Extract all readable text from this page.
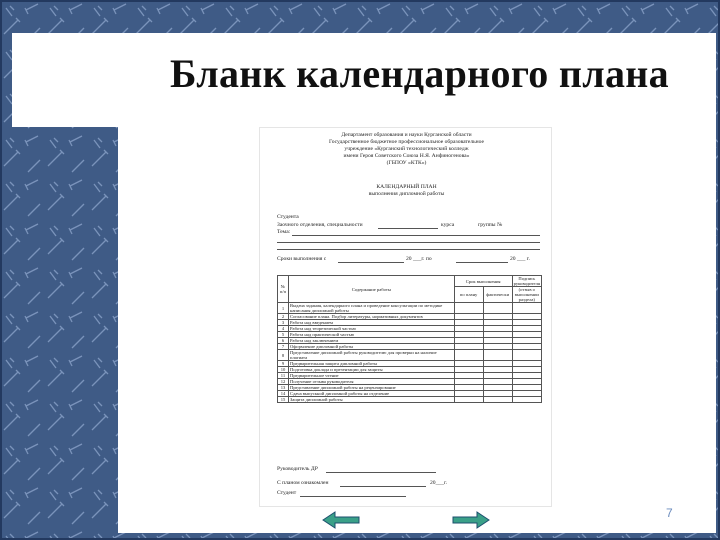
Бланк календарного плана
Департамент образования и науки Курганской области
Государственное бюджетное профессиональное образовательное
учреждение «Курганский технологический колледж
имени Героя Советского Союза Н.Я. Анфиногенова»
(ГБПОУ «КТК»)
КАЛЕНДАРНЫЙ ПЛАН
выполнения дипломной работы
Студента
Заочного отделения, специальности	курса	группы №
Тема:
Сроки выполнения с	20 ___г. по	20 ___ г.
№ п/п	Содержание работы	Срок выполнения		Подпись руководителя
		по плану	фактически	(отзыв о выполнении раздела)
1	Выдача задания, календарного плана и проведение консультации по методике написания дипломной работы			
2	Согласование плана. Подбор литературы, нормативных документов			
3	Работа над введением			
4	Работа над теоретической частью			
5	Работа над практической частью			
6	Работа над заключением			
7	Оформление дипломной работы			
8	Представление дипломной работы руководителю для проверки на наличие плагиата			
9	Предварительная защита дипломной работы			
10	Подготовка доклада и презентации для защиты			
11	Предварительное чтение			
12	Получение отзыва руководителя			
13	Представление дипломной работы на рецензирование			
14	Сдача выпускной дипломной работы на отделение			
15	Защита дипломной работы			
Руководитель ДР
С планом ознакомлен	20___г.
Студент
7
